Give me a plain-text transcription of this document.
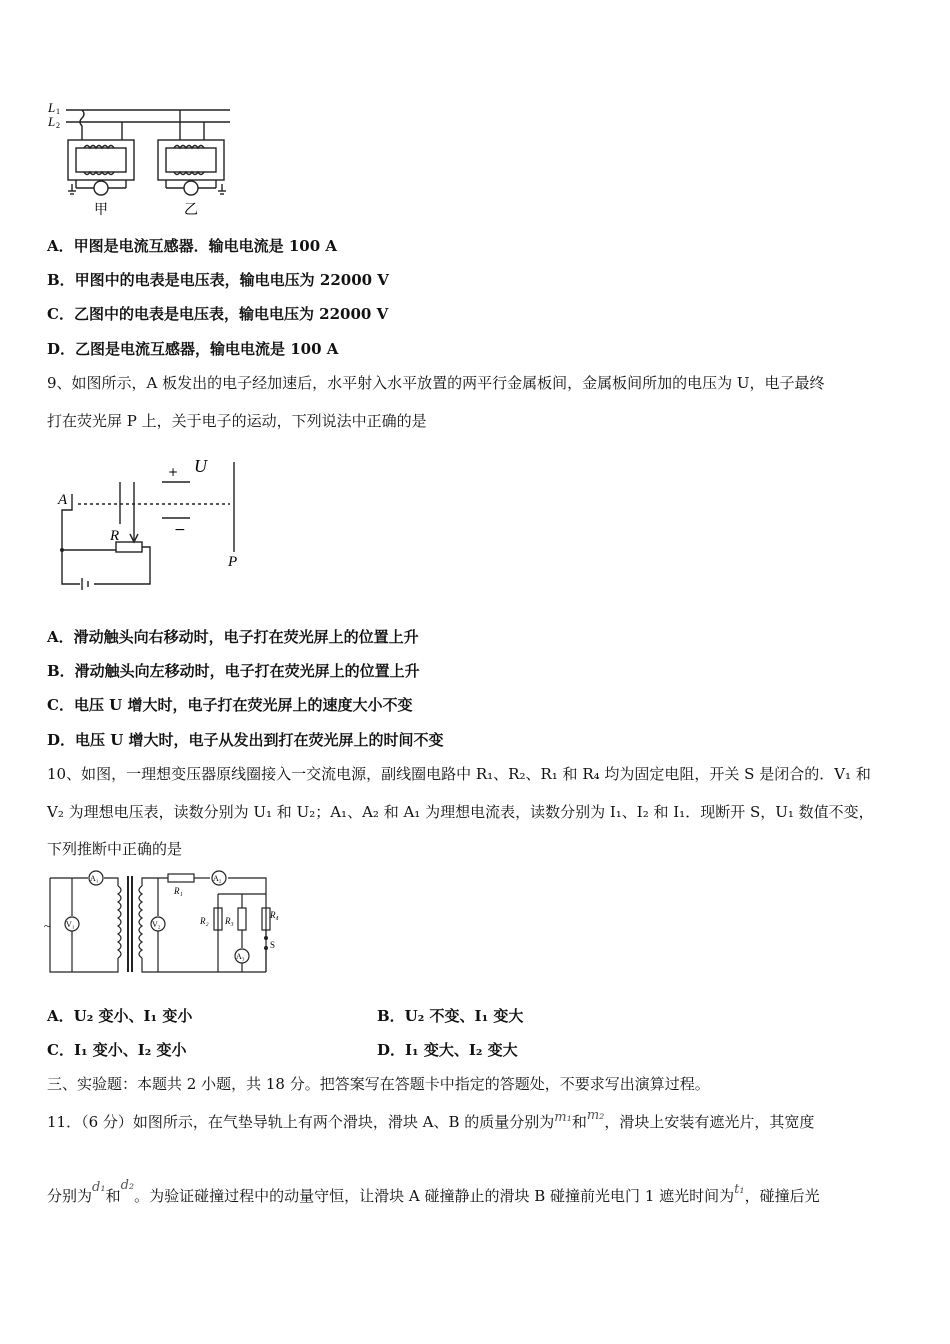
L 1
L 2
甲	乙
A．甲图是电流互感器．输电电流是 100 A
B．甲图中的电表是电压表，输电电压为 22000 V
C．乙图中的电表是电压表，输电电压为 22000 V
D．乙图是电流互感器，输电电流是 100 A
9、如图所示，A 板发出的电子经加速后，水平射入水平放置的两平行金属板间，金属板间所加的电压为 U，电子最终
打在荧光屏 P 上，关于电子的运动，下列说法中正确的是
+ U
−
A
R
P
A．滑动触头向右移动时，电子打在荧光屏上的位置上升
B．滑动触头向左移动时，电子打在荧光屏上的位置上升
C．电压 U 增大时，电子打在荧光屏上的速度大小不变
D．电压 U 增大时，电子从发出到打在荧光屏上的时间不变
10、如图，一理想变压器原线圈接入一交流电源，副线圈电路中 R₁、R₂、R₁ 和 R₄ 均为固定电阻，开关 S 是闭合的．V₁ 和
V₂ 为理想电压表，读数分别为 U₁ 和 U₂；A₁、A₂ 和 A₁ 为理想电流表，读数分别为 I₁、I₂ 和 I₁．现断开 S，U₁ 数值不变，
下列推断中正确的是
A₁
V₁	V₂
A₂
A₃
R₁
R₂ R₃
R₄
S
~
A．U₂ 变小、I₁ 变小	B．U₂ 不变、I₁ 变大
C．I₁ 变小、I₂ 变小	D．I₁ 变大、I₂ 变大
三、实验题：本题共 2 小题，共 18 分。把答案写在答题卡中指定的答题处，不要求写出演算过程。
11．（6 分）如图所示，在气垫导轨上有两个滑块，滑块 A、B 的质量分别为m₁和m₂，滑块上安装有遮光片，其宽度
分别为d₁和d₂。为验证碰撞过程中的动量守恒，让滑块 A 碰撞静止的滑块 B 碰撞前光电门 1 遮光时间为t₁，碰撞后光
